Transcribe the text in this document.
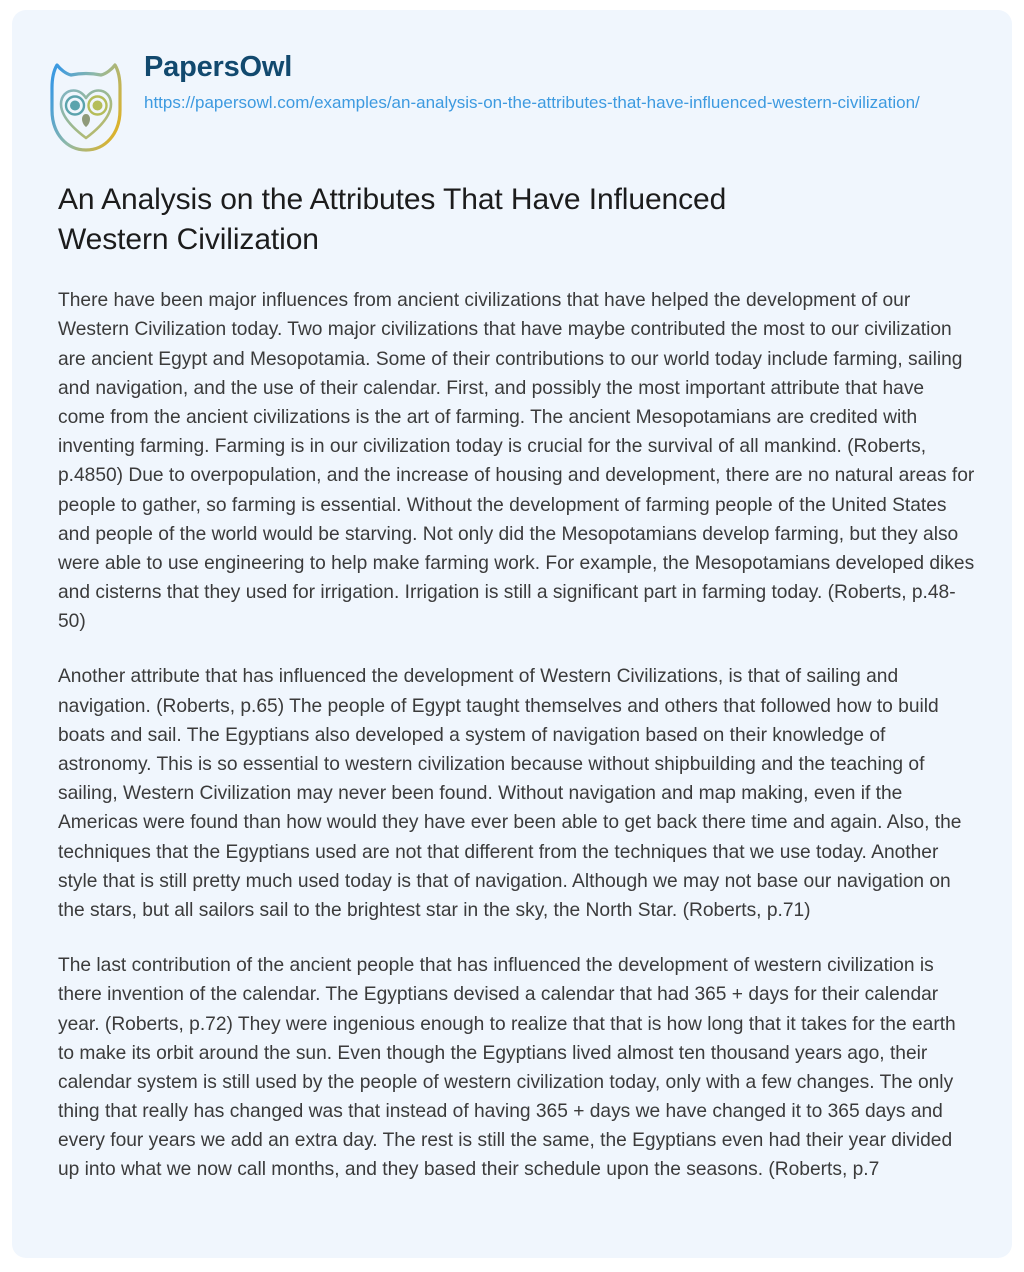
PapersOwl
https://papersowl.com/examples/an-analysis-on-the-attributes-that-have-influenced-western-civilization/
An Analysis on the Attributes That Have Influenced Western Civilization

There have been major influences from ancient civilizations that have helped the development of our Western Civilization today. Two major civilizations that have maybe contributed the most to our civilization are ancient Egypt and Mesopotamia. Some of their contributions to our world today include farming, sailing and navigation, and the use of their calendar. First, and possibly the most important attribute that have come from the ancient civilizations is the art of farming. The ancient Mesopotamians are credited with inventing farming. Farming is in our civilization today is crucial for the survival of all mankind. (Roberts, p.4850) Due to overpopulation, and the increase of housing and development, there are no natural areas for people to gather, so farming is essential. Without the development of farming people of the United States and people of the world would be starving. Not only did the Mesopotamians develop farming, but they also were able to use engineering to help make farming work. For example, the Mesopotamians developed dikes and cisterns that they used for irrigation. Irrigation is still a significant part in farming today. (Roberts, p.48-50)

Another attribute that has influenced the development of Western Civilizations, is that of sailing and navigation. (Roberts, p.65) The people of Egypt taught themselves and others that followed how to build boats and sail. The Egyptians also developed a system of navigation based on their knowledge of astronomy. This is so essential to western civilization because without shipbuilding and the teaching of sailing, Western Civilization may never been found. Without navigation and map making, even if the Americas were found than how would they have ever been able to get back there time and again. Also, the techniques that the Egyptians used are not that different from the techniques that we use today. Another style that is still pretty much used today is that of navigation. Although we may not base our navigation on the stars, but all sailors sail to the brightest star in the sky, the North Star. (Roberts, p.71)

The last contribution of the ancient people that has influenced the development of western civilization is there invention of the calendar. The Egyptians devised a calendar that had 365 + days for their calendar year. (Roberts, p.72) They were ingenious enough to realize that that is how long that it takes for the earth to make its orbit around the sun. Even though the Egyptians lived almost ten thousand years ago, their calendar system is still used by the people of western civilization today, only with a few changes. The only thing that really has changed was that instead of having 365 + days we have changed it to 365 days and every four years we add an extra day. The rest is still the same, the Egyptians even had their year divided up into what we now call months, and they based their schedule upon the seasons. (Roberts, p.7
